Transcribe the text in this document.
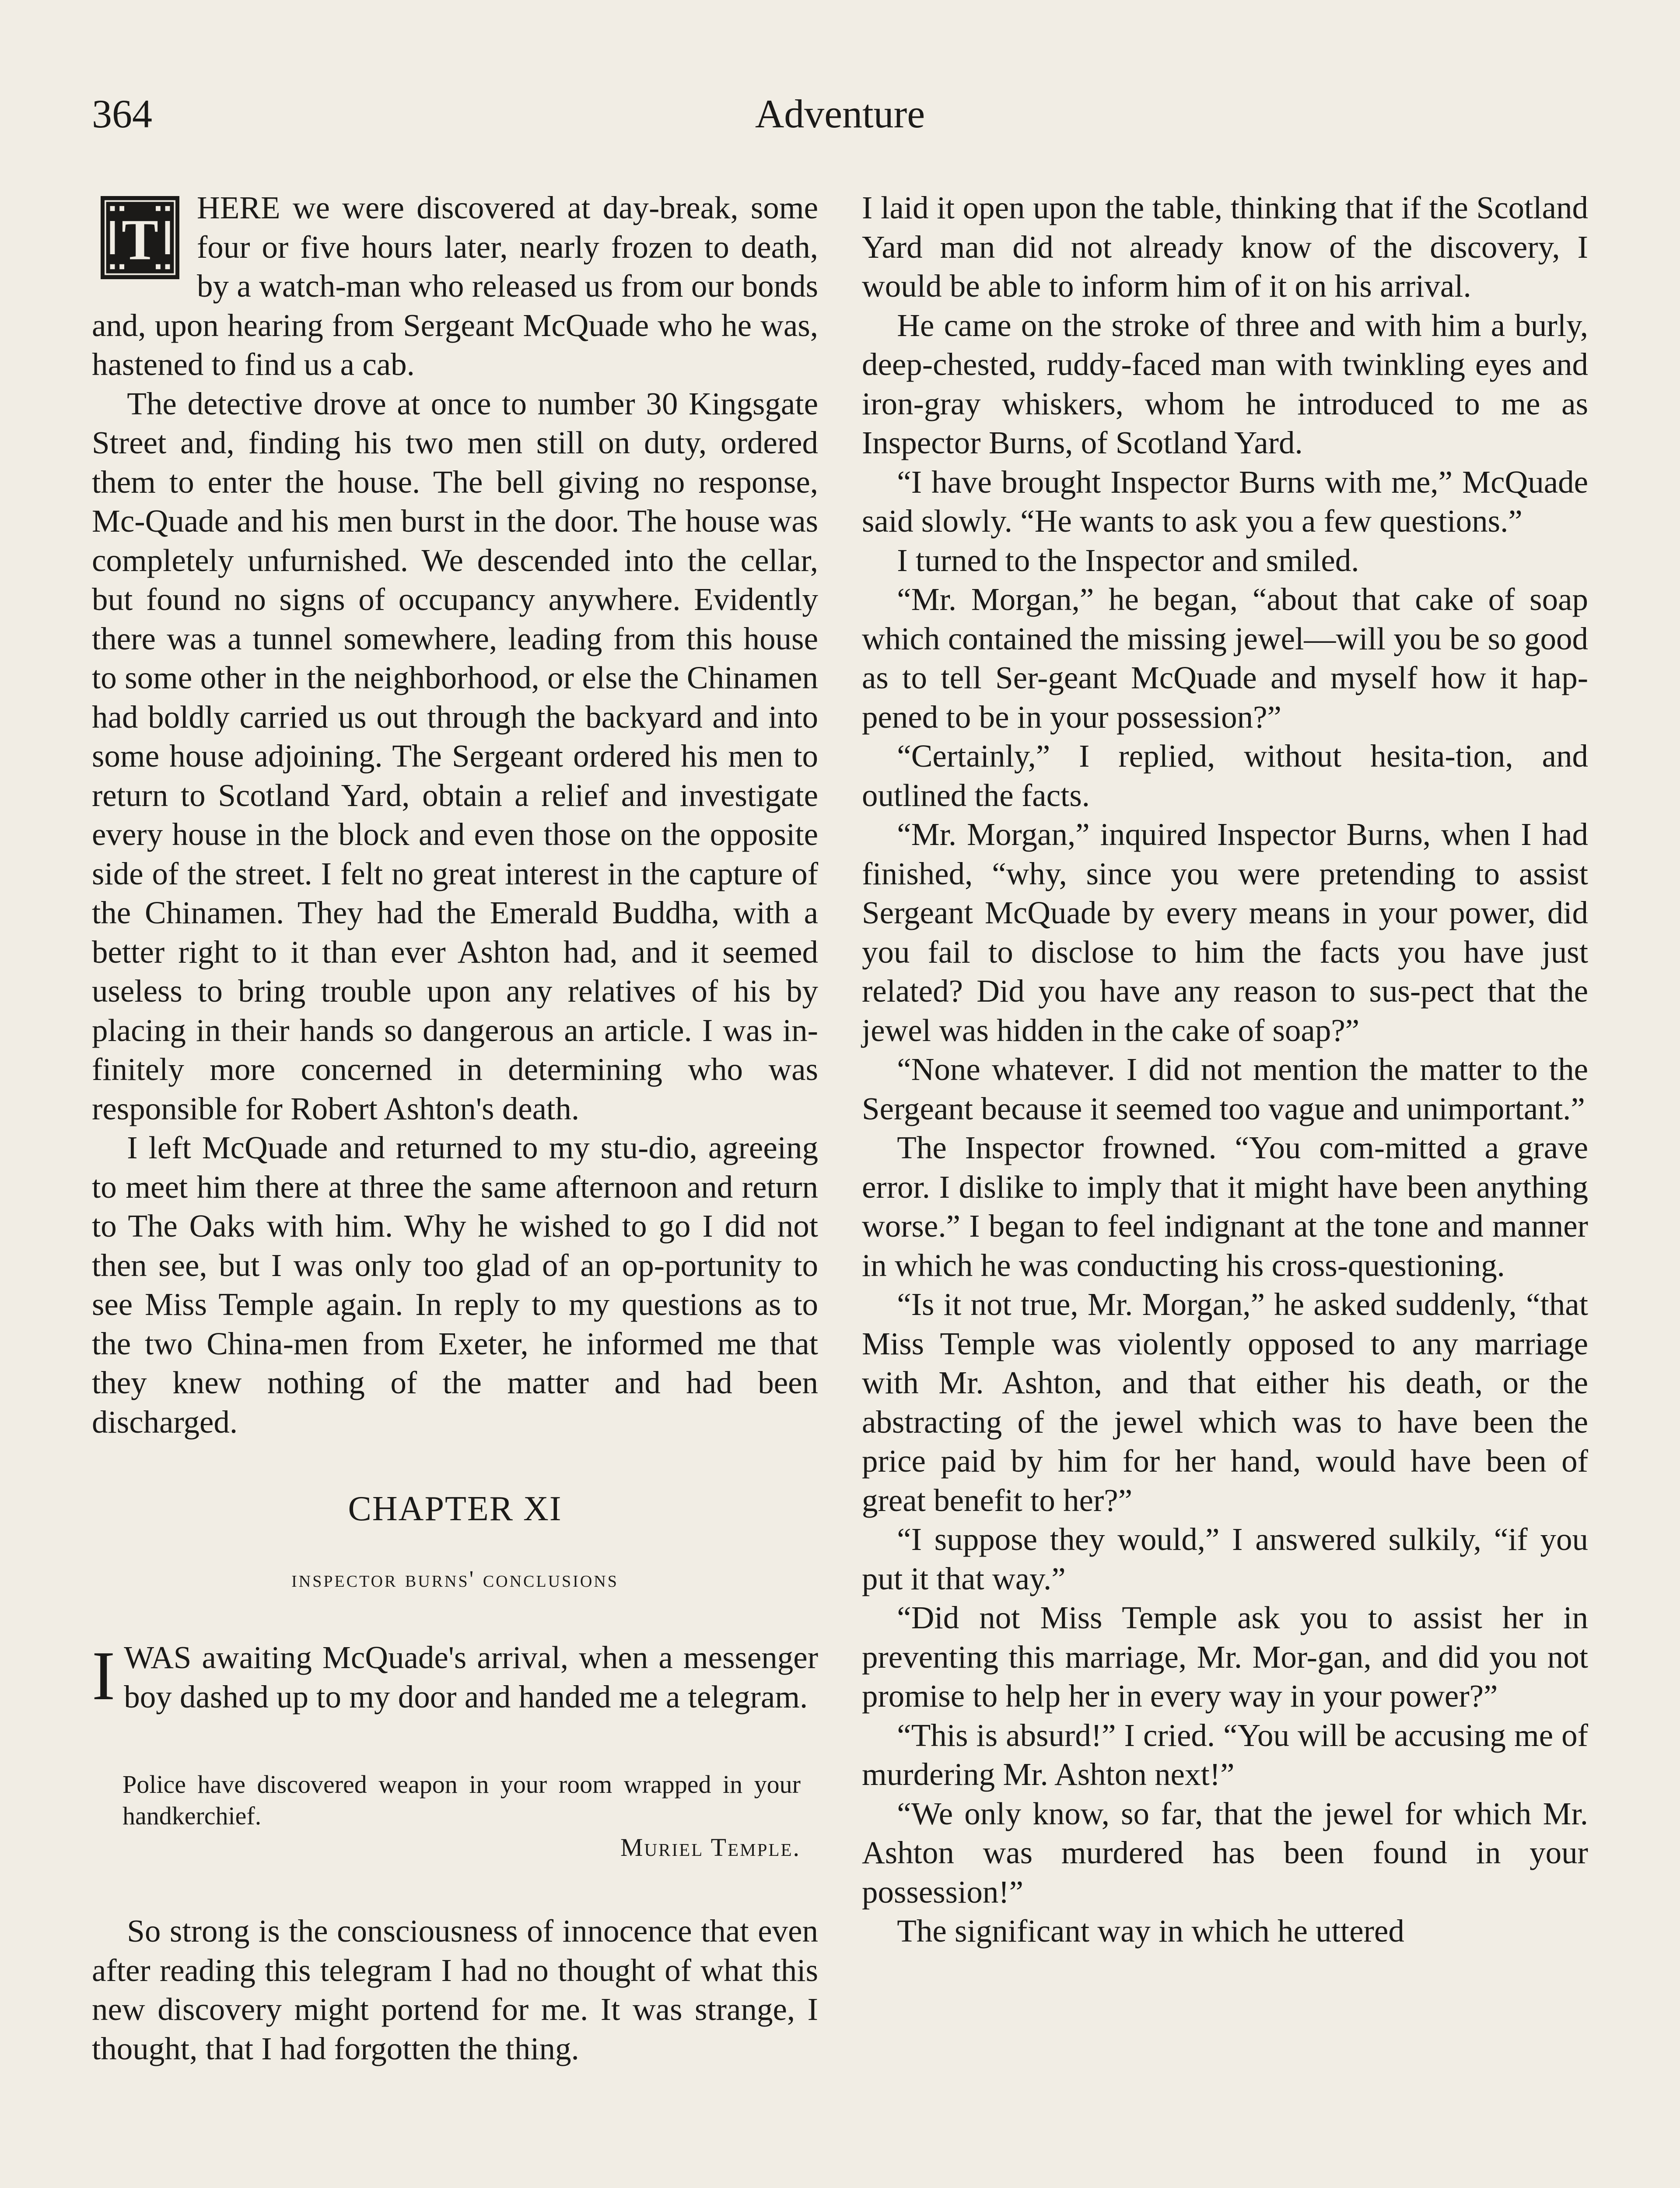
364	Adventure
T

HERE we were discovered at day-break, some four or five hours later, nearly frozen to death, by a watch-man who released us from our bonds and, upon hearing from Sergeant McQuade who he was, hastened to find us a cab.

The detective drove at once to number 30 Kingsgate Street and, finding his two men still on duty, ordered them to enter the house. The bell giving no response, Mc-Quade and his men burst in the door. The house was completely unfurnished. We descended into the cellar, but found no signs of occupancy anywhere. Evidently there was a tunnel somewhere, leading from this house to some other in the neighborhood, or else the Chinamen had boldly carried us out through the backyard and into some house adjoining. The Sergeant ordered his men to return to Scotland Yard, obtain a relief and investigate every house in the block and even those on the opposite side of the street. I felt no great interest in the capture of the Chinamen. They had the Emerald Buddha, with a better right to it than ever Ashton had, and it seemed useless to bring trouble upon any relatives of his by placing in their hands so dangerous an article. I was in-finitely more concerned in determining who was responsible for Robert Ashton's death.

I left McQuade and returned to my stu-dio, agreeing to meet him there at three the same afternoon and return to The Oaks with him. Why he wished to go I did not then see, but I was only too glad of an op-portunity to see Miss Temple again. In reply to my questions as to the two China-men from Exeter, he informed me that they knew nothing of the matter and had been discharged.

CHAPTER XI
inspector burns' conclusions

IWAS awaiting McQuade's arrival, when a messenger boy dashed up to my door and handed me a telegram.

Police have discovered weapon in your room wrapped in your handkerchief.
Muriel Temple.

So strong is the consciousness of innocence that even after reading this telegram I had no thought of what this new discovery might portend for me. It was strange, I thought, that I had forgotten the thing.

I laid it open upon the table, thinking that if the Scotland Yard man did not already know of the discovery, I would be able to inform him of it on his arrival.

He came on the stroke of three and with him a burly, deep-chested, ruddy-faced man with twinkling eyes and iron-gray whiskers, whom he introduced to me as Inspector Burns, of Scotland Yard.

“I have brought Inspector Burns with me,” McQuade said slowly. “He wants to ask you a few questions.”

I turned to the Inspector and smiled.

“Mr. Morgan,” he began, “about that cake of soap which contained the missing jewel—will you be so good as to tell Ser-geant McQuade and myself how it hap-pened to be in your possession?”

“Certainly,” I replied, without hesita-tion, and outlined the facts.

“Mr. Morgan,” inquired Inspector Burns, when I had finished, “why, since you were pretending to assist Sergeant McQuade by every means in your power, did you fail to disclose to him the facts you have just related? Did you have any reason to sus-pect that the jewel was hidden in the cake of soap?”

“None whatever. I did not mention the matter to the Sergeant because it seemed too vague and unimportant.”

The Inspector frowned. “You com-mitted a grave error. I dislike to imply that it might have been anything worse.” I began to feel indignant at the tone and manner in which he was conducting his cross-questioning.

“Is it not true, Mr. Morgan,” he asked suddenly, “that Miss Temple was violently opposed to any marriage with Mr. Ashton, and that either his death, or the abstracting of the jewel which was to have been the price paid by him for her hand, would have been of great benefit to her?”

“I suppose they would,” I answered sulkily, “if you put it that way.”

“Did not Miss Temple ask you to assist her in preventing this marriage, Mr. Mor-gan, and did you not promise to help her in every way in your power?”

“This is absurd!” I cried. “You will be accusing me of murdering Mr. Ashton next!”

“We only know, so far, that the jewel for which Mr. Ashton was murdered has been found in your possession!”

The significant way in which he uttered
